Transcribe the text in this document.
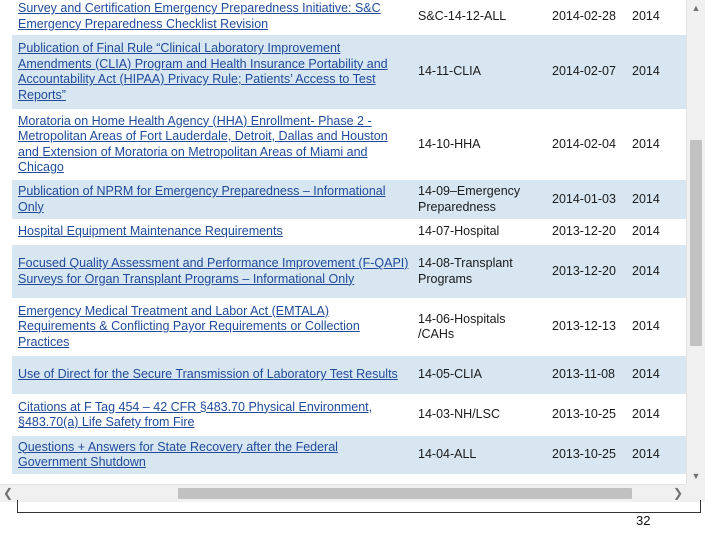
Survey and Certification Emergency Preparedness Initiative: S&C Emergency Preparedness Checklist Revision	S&C-14-12-ALL	2014-02-28	2014
Publication of Final Rule “Clinical Laboratory Improvement Amendments (CLIA) Program and Health Insurance Portability and Accountability Act (HIPAA) Privacy Rule; Patients’ Access to Test Reports”	14-11-CLIA	2014-02-07	2014
Moratoria on Home Health Agency (HHA) Enrollment- Phase 2 - Metropolitan Areas of Fort Lauderdale, Detroit, Dallas and Houston and Extension of Moratoria on Metropolitan Areas of Miami and Chicago	14-10-HHA	2014-02-04	2014
Publication of NPRM for Emergency Preparedness – Informational Only	14-09–Emergency Preparedness	2014-01-03	2014
Hospital Equipment Maintenance Requirements	14-07-Hospital	2013-12-20	2014
Focused Quality Assessment and Performance Improvement (F-QAPI) Surveys for Organ Transplant Programs – Informational Only	14-08-Transplant Programs	2013-12-20	2014
Emergency Medical Treatment and Labor Act (EMTALA) Requirements & Conflicting Payor Requirements or Collection Practices	14-06-Hospitals /CAHs	2013-12-13	2014
Use of Direct for the Secure Transmission of Laboratory Test Results	14-05-CLIA	2013-11-08	2014
Citations at F Tag 454 – 42 CFR §483.70 Physical Environment, §483.70(a) Life Safety from Fire	14-03-NH/LSC	2013-10-25	2014
Questions + Answers for State Recovery after the Federal Government Shutdown	14-04-ALL	2013-10-25	2014
▲
▼
❮	❯
32
